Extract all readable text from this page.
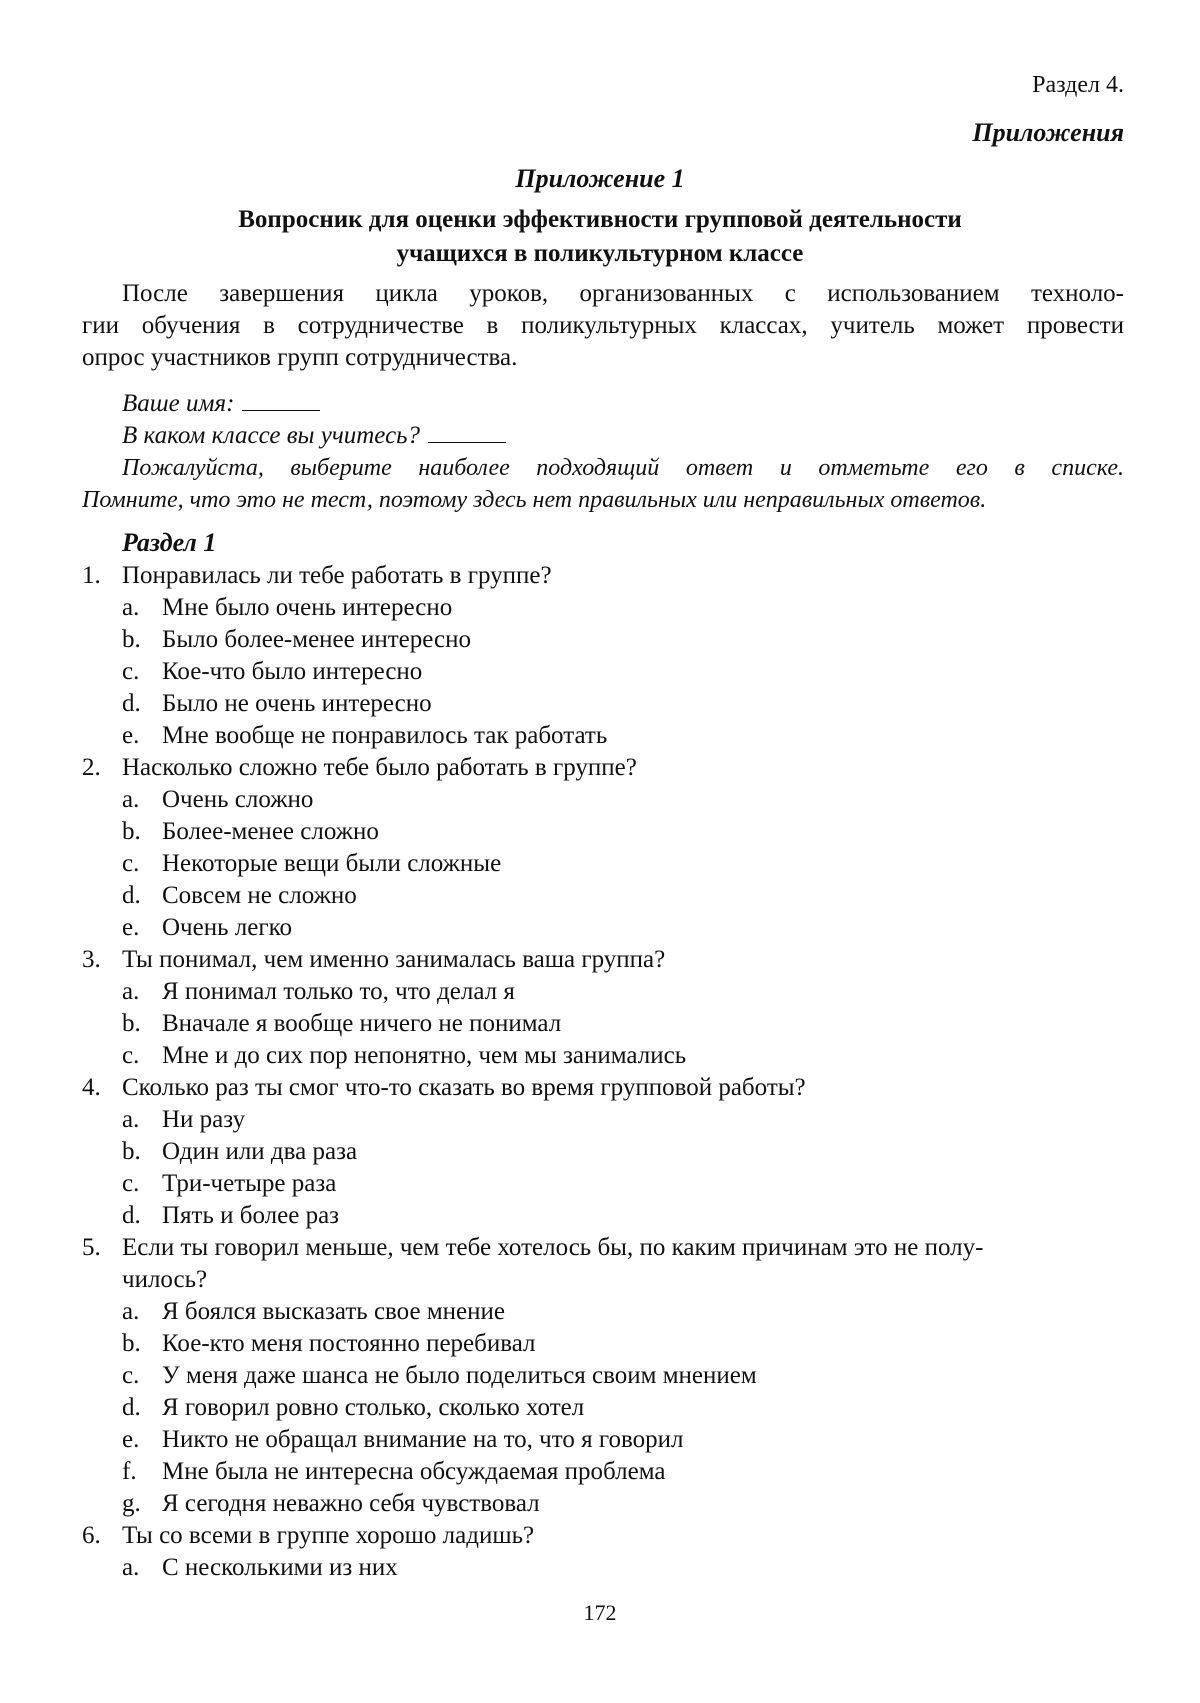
Раздел 4.
Приложения
Приложение 1
Вопросник для оценки эффективности групповой деятельности
учащихся в поликультурном классе
После завершения цикла уроков, организованных с использованием техноло-
гии обучения в сотрудничестве в поликультурных классах, учитель может провести
опрос участников групп сотрудничества.
Ваше имя:
В каком классе вы учитесь?
Пожалуйста, выберите наиболее подходящий ответ и отметьте его в списке.
Помните, что это не тест, поэтому здесь нет правильных или неправильных ответов.
Раздел 1
1. Понравилась ли тебе работать в группе?
a. Мне было очень интересно
b. Было более-менее интересно
c. Кое-что было интересно
d. Было не очень интересно
e. Мне вообще не понравилось так работать
2. Насколько сложно тебе было работать в группе?
a. Очень сложно
b. Более-менее сложно
c. Некоторые вещи были сложные
d. Совсем не сложно
e. Очень легко
3. Ты понимал, чем именно занималась ваша группа?
a. Я понимал только то, что делал я
b. Вначале я вообще ничего не понимал
c. Мне и до сих пор непонятно, чем мы занимались
4. Сколько раз ты смог что-то сказать во время групповой работы?
a. Ни разу
b. Один или два раза
c. Три-четыре раза
d. Пять и более раз
5. Если ты говорил меньше, чем тебе хотелось бы, по каким причинам это не полу-
чилось?
a. Я боялся высказать свое мнение
b. Кое-кто меня постоянно перебивал
c. У меня даже шанса не было поделиться своим мнением
d. Я говорил ровно столько, сколько хотел
e. Никто не обращал внимание на то, что я говорил
f. Мне была не интересна обсуждаемая проблема
g. Я сегодня неважно себя чувствовал
6. Ты со всеми в группе хорошо ладишь?
a. С несколькими из них
172
